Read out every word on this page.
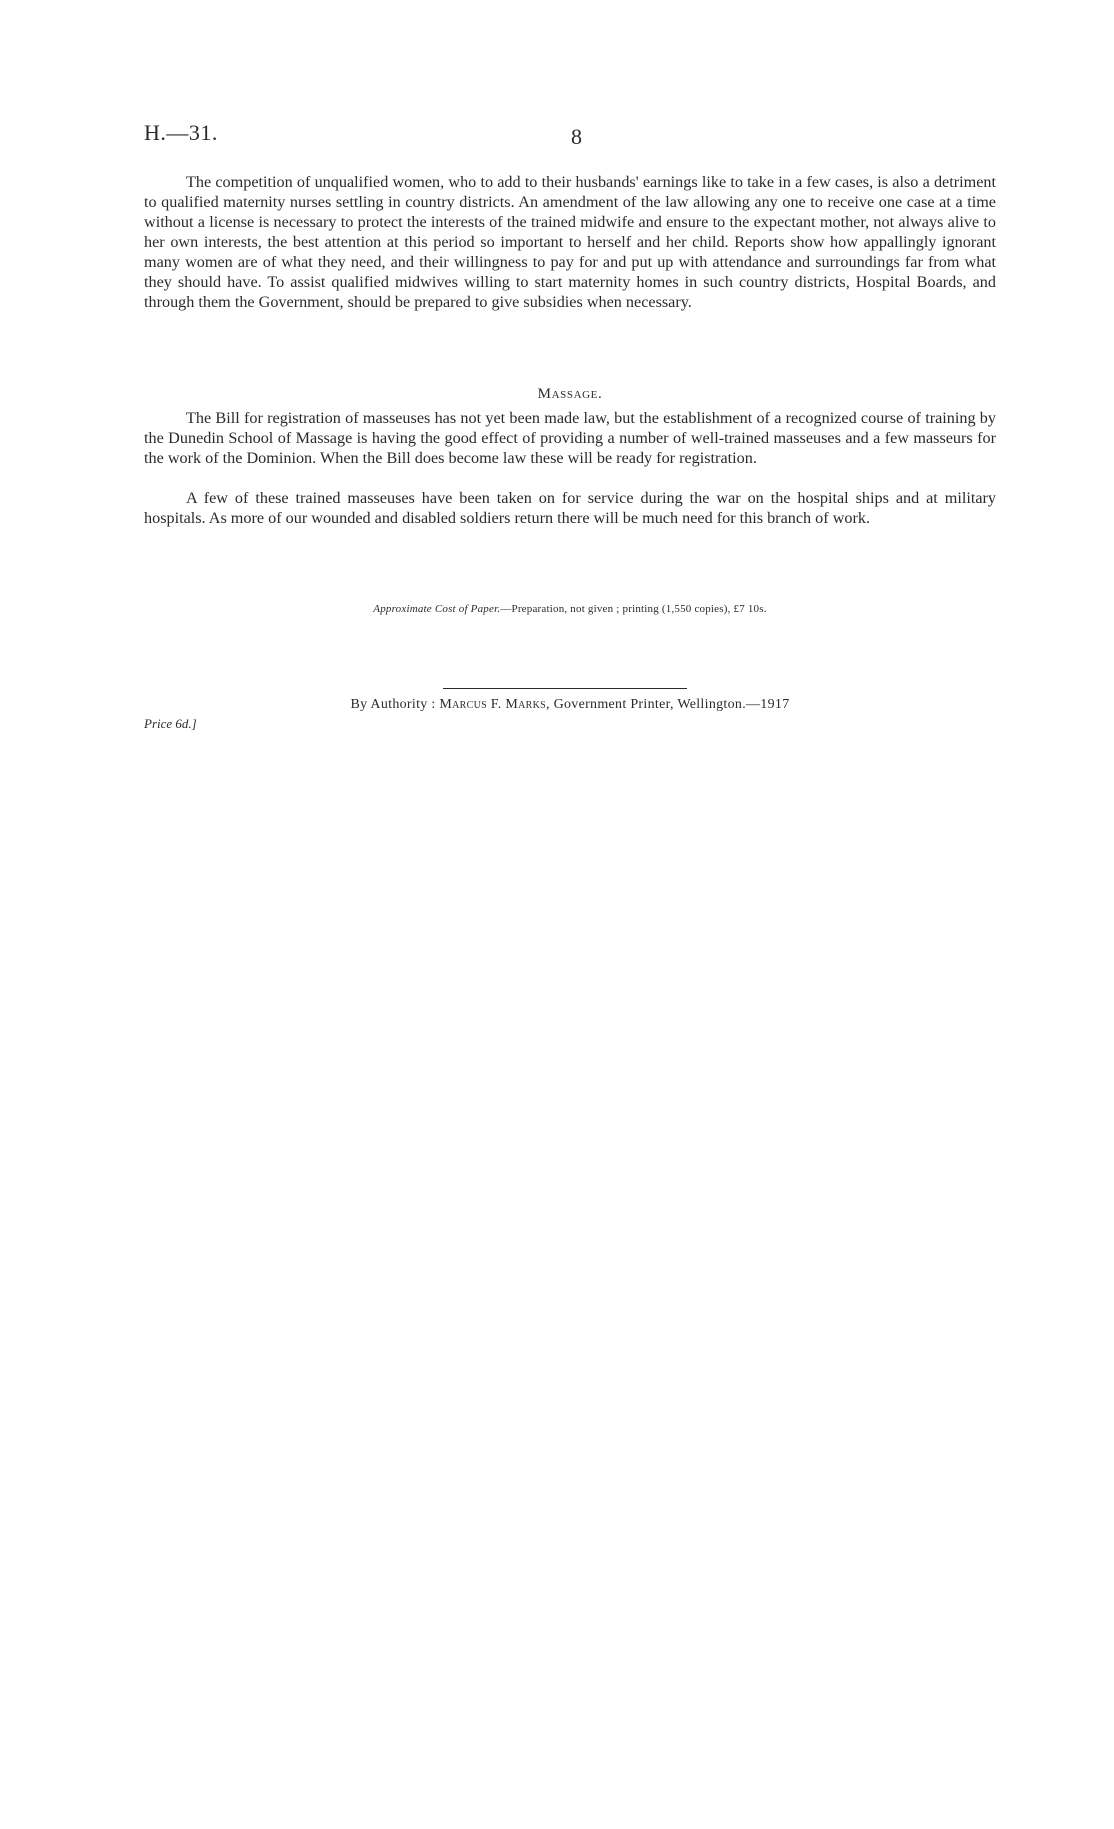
H.—31.	8

The competition of unqualified women, who to add to their husbands' earnings like to take in a few cases, is also a detriment to qualified maternity nurses settling in country districts. An amendment of the law allowing any one to receive one case at a time without a license is necessary to protect the interests of the trained midwife and ensure to the expectant mother, not always alive to her own interests, the best attention at this period so important to herself and her child. Reports show how appallingly ignorant many women are of what they need, and their willingness to pay for and put up with attendance and surroundings far from what they should have. To assist qualified midwives willing to start maternity homes in such country districts, Hospital Boards, and through them the Government, should be prepared to give subsidies when necessary.

Massage.

The Bill for registration of masseuses has not yet been made law, but the establishment of a recognized course of training by the Dunedin School of Massage is having the good effect of providing a number of well-trained masseuses and a few masseurs for the work of the Dominion. When the Bill does become law these will be ready for registration.

A few of these trained masseuses have been taken on for service during the war on the hospital ships and at military hospitals. As more of our wounded and disabled soldiers return there will be much need for this branch of work.

Approximate Cost of Paper.—Preparation, not given ; printing (1,550 copies), £7 10s.
By Authority : Marcus F. Marks, Government Printer, Wellington.—1917
Price 6d.]
